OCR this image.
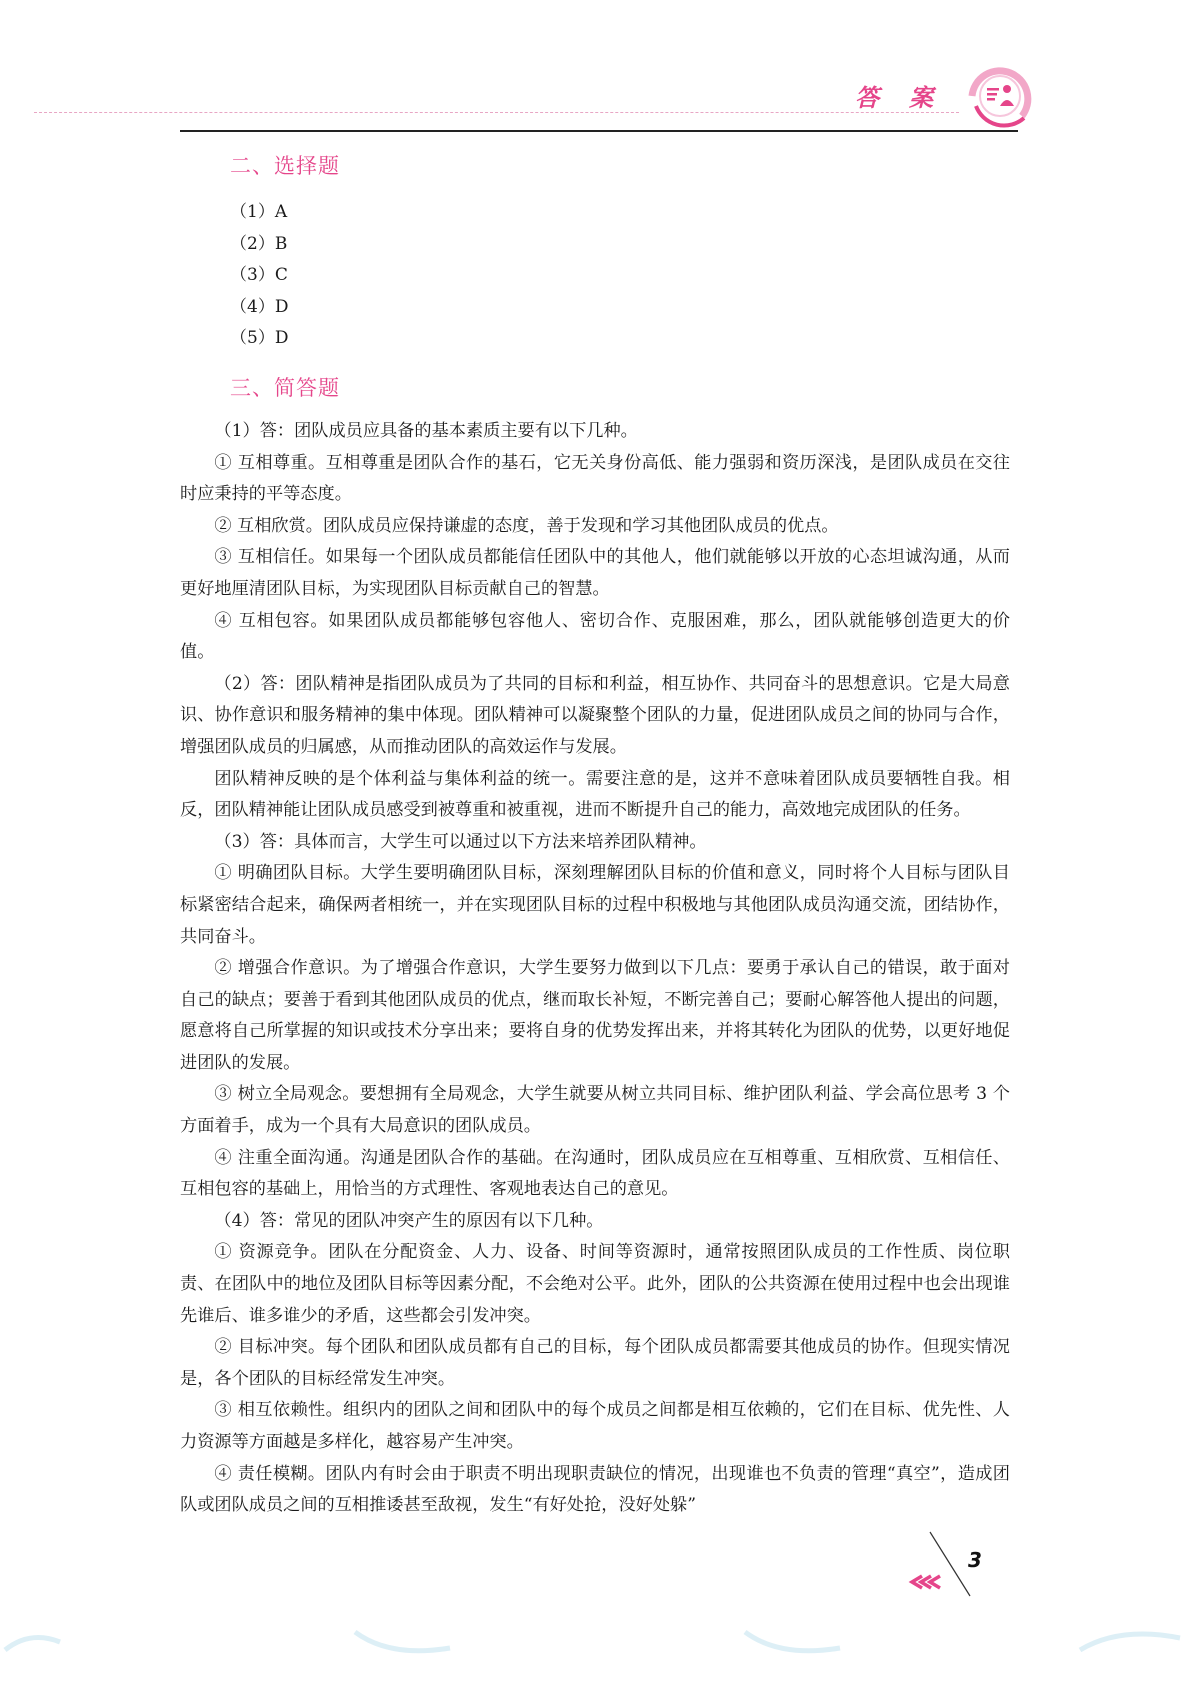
答案
二、选择题
（1）A
（2）B
（3）C
（4）D
（5）D
三、简答题

（1）答：团队成员应具备的基本素质主要有以下几种。

① 互相尊重。互相尊重是团队合作的基石，它无关身份高低、能力强弱和资历深浅，是团队成员在交往时应秉持的平等态度。

② 互相欣赏。团队成员应保持谦虚的态度，善于发现和学习其他团队成员的优点。

③ 互相信任。如果每一个团队成员都能信任团队中的其他人，他们就能够以开放的心态坦诚沟通，从而更好地厘清团队目标，为实现团队目标贡献自己的智慧。

④ 互相包容。如果团队成员都能够包容他人、密切合作、克服困难，那么，团队就能够创造更大的价值。

（2）答：团队精神是指团队成员为了共同的目标和利益，相互协作、共同奋斗的思想意识。它是大局意识、协作意识和服务精神的集中体现。团队精神可以凝聚整个团队的力量，促进团队成员之间的协同与合作，增强团队成员的归属感，从而推动团队的高效运作与发展。

团队精神反映的是个体利益与集体利益的统一。需要注意的是，这并不意味着团队成员要牺牲自我。相反，团队精神能让团队成员感受到被尊重和被重视，进而不断提升自己的能力，高效地完成团队的任务。

（3）答：具体而言，大学生可以通过以下方法来培养团队精神。

① 明确团队目标。大学生要明确团队目标，深刻理解团队目标的价值和意义，同时将个人目标与团队目标紧密结合起来，确保两者相统一，并在实现团队目标的过程中积极地与其他团队成员沟通交流，团结协作，共同奋斗。

② 增强合作意识。为了增强合作意识，大学生要努力做到以下几点：要勇于承认自己的错误，敢于面对自己的缺点；要善于看到其他团队成员的优点，继而取长补短，不断完善自己；要耐心解答他人提出的问题，愿意将自己所掌握的知识或技术分享出来；要将自身的优势发挥出来，并将其转化为团队的优势，以更好地促进团队的发展。

③ 树立全局观念。要想拥有全局观念，大学生就要从树立共同目标、维护团队利益、学会高位思考 3 个方面着手，成为一个具有大局意识的团队成员。

④ 注重全面沟通。沟通是团队合作的基础。在沟通时，团队成员应在互相尊重、互相欣赏、互相信任、互相包容的基础上，用恰当的方式理性、客观地表达自己的意见。

（4）答：常见的团队冲突产生的原因有以下几种。

① 资源竞争。团队在分配资金、人力、设备、时间等资源时，通常按照团队成员的工作性质、岗位职责、在团队中的地位及团队目标等因素分配，不会绝对公平。此外，团队的公共资源在使用过程中也会出现谁先谁后、谁多谁少的矛盾，这些都会引发冲突。

② 目标冲突。每个团队和团队成员都有自己的目标，每个团队成员都需要其他成员的协作。但现实情况是，各个团队的目标经常发生冲突。

③ 相互依赖性。组织内的团队之间和团队中的每个成员之间都是相互依赖的，它们在目标、优先性、人力资源等方面越是多样化，越容易产生冲突。

④ 责任模糊。团队内有时会由于职责不明出现职责缺位的情况，出现谁也不负责的管理“真空”，造成团队或团队成员之间的互相推诿甚至敌视，发生“有好处抢，没好处躲”

3
